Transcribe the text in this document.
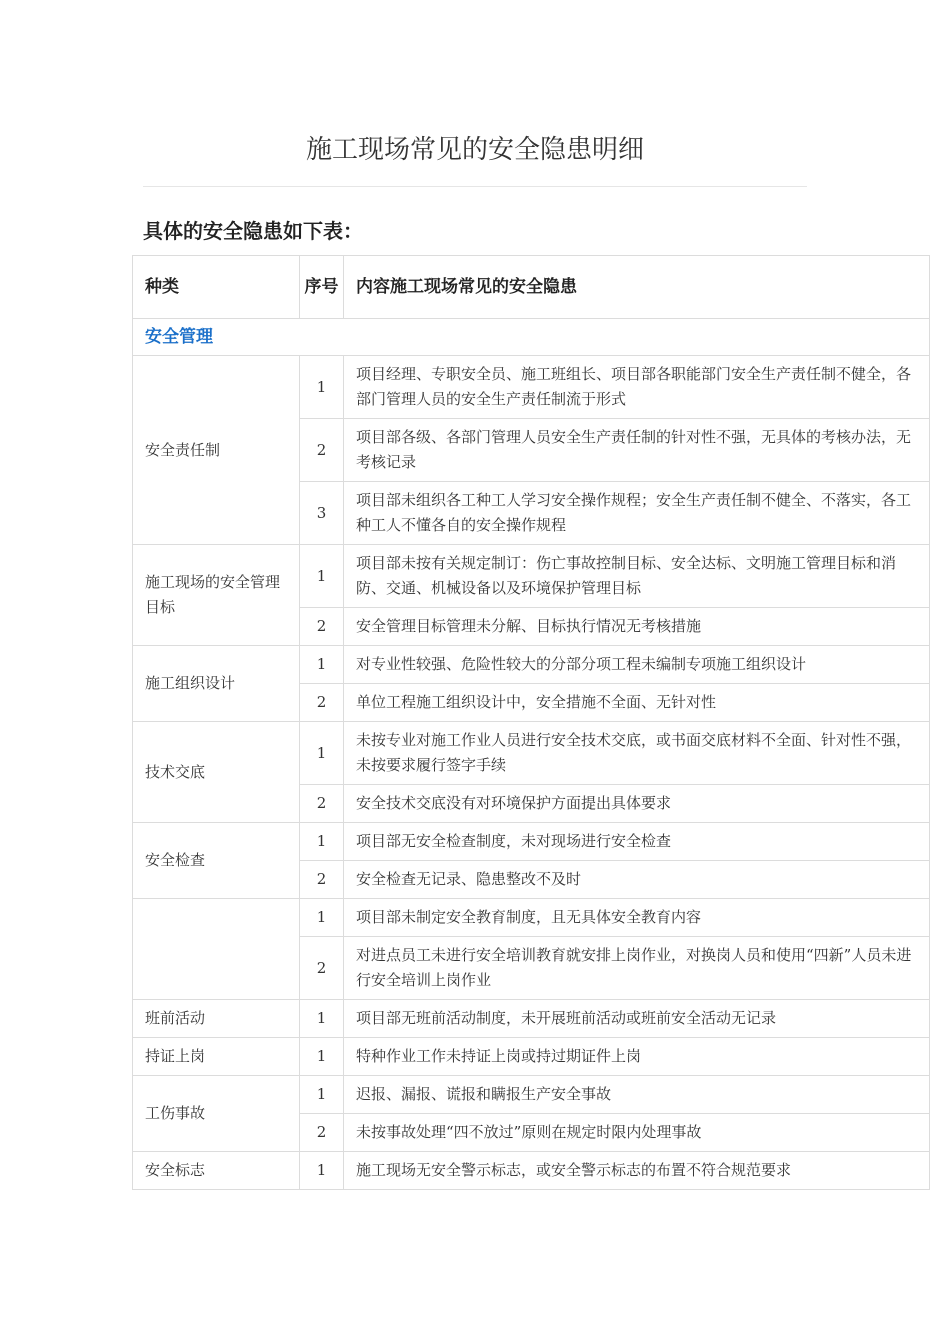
施工现场常见的安全隐患明细
具体的安全隐患如下表：
种类	序号	内容施工现场常见的安全隐患
安全管理		
安全责任制	1	项目经理、专职安全员、施工班组长、项目部各职能部门安全生产责任制不健全，各部门管理人员的安全生产责任制流于形式
	2	项目部各级、各部门管理人员安全生产责任制的针对性不强，无具体的考核办法，无考核记录
	3	项目部未组织各工种工人学习安全操作规程；安全生产责任制不健全、不落实，各工种工人不懂各自的安全操作规程
施工现场的安全管理目标	1	项目部未按有关规定制订：伤亡事故控制目标、安全达标、文明施工管理目标和消防、交通、机械设备以及环境保护管理目标
	2	安全管理目标管理未分解、目标执行情况无考核措施
施工组织设计	1	对专业性较强、危险性较大的分部分项工程未编制专项施工组织设计
	2	单位工程施工组织设计中，安全措施不全面、无针对性
技术交底	1	未按专业对施工作业人员进行安全技术交底，或书面交底材料不全面、针对性不强，未按要求履行签字手续
	2	安全技术交底没有对环境保护方面提出具体要求
安全检查	1	项目部无安全检查制度，未对现场进行安全检查
	2	安全检查无记录、隐患整改不及时
	1	项目部未制定安全教育制度，且无具体安全教育内容
	2	对进点员工未进行安全培训教育就安排上岗作业，对换岗人员和使用“四新”人员未进行安全培训上岗作业
班前活动	1	项目部无班前活动制度，未开展班前活动或班前安全活动无记录
持证上岗	1	特种作业工作未持证上岗或持过期证件上岗
工伤事故	1	迟报、漏报、谎报和瞒报生产安全事故
	2	未按事故处理“四不放过”原则在规定时限内处理事故
安全标志	1	施工现场无安全警示标志，或安全警示标志的布置不符合规范要求
